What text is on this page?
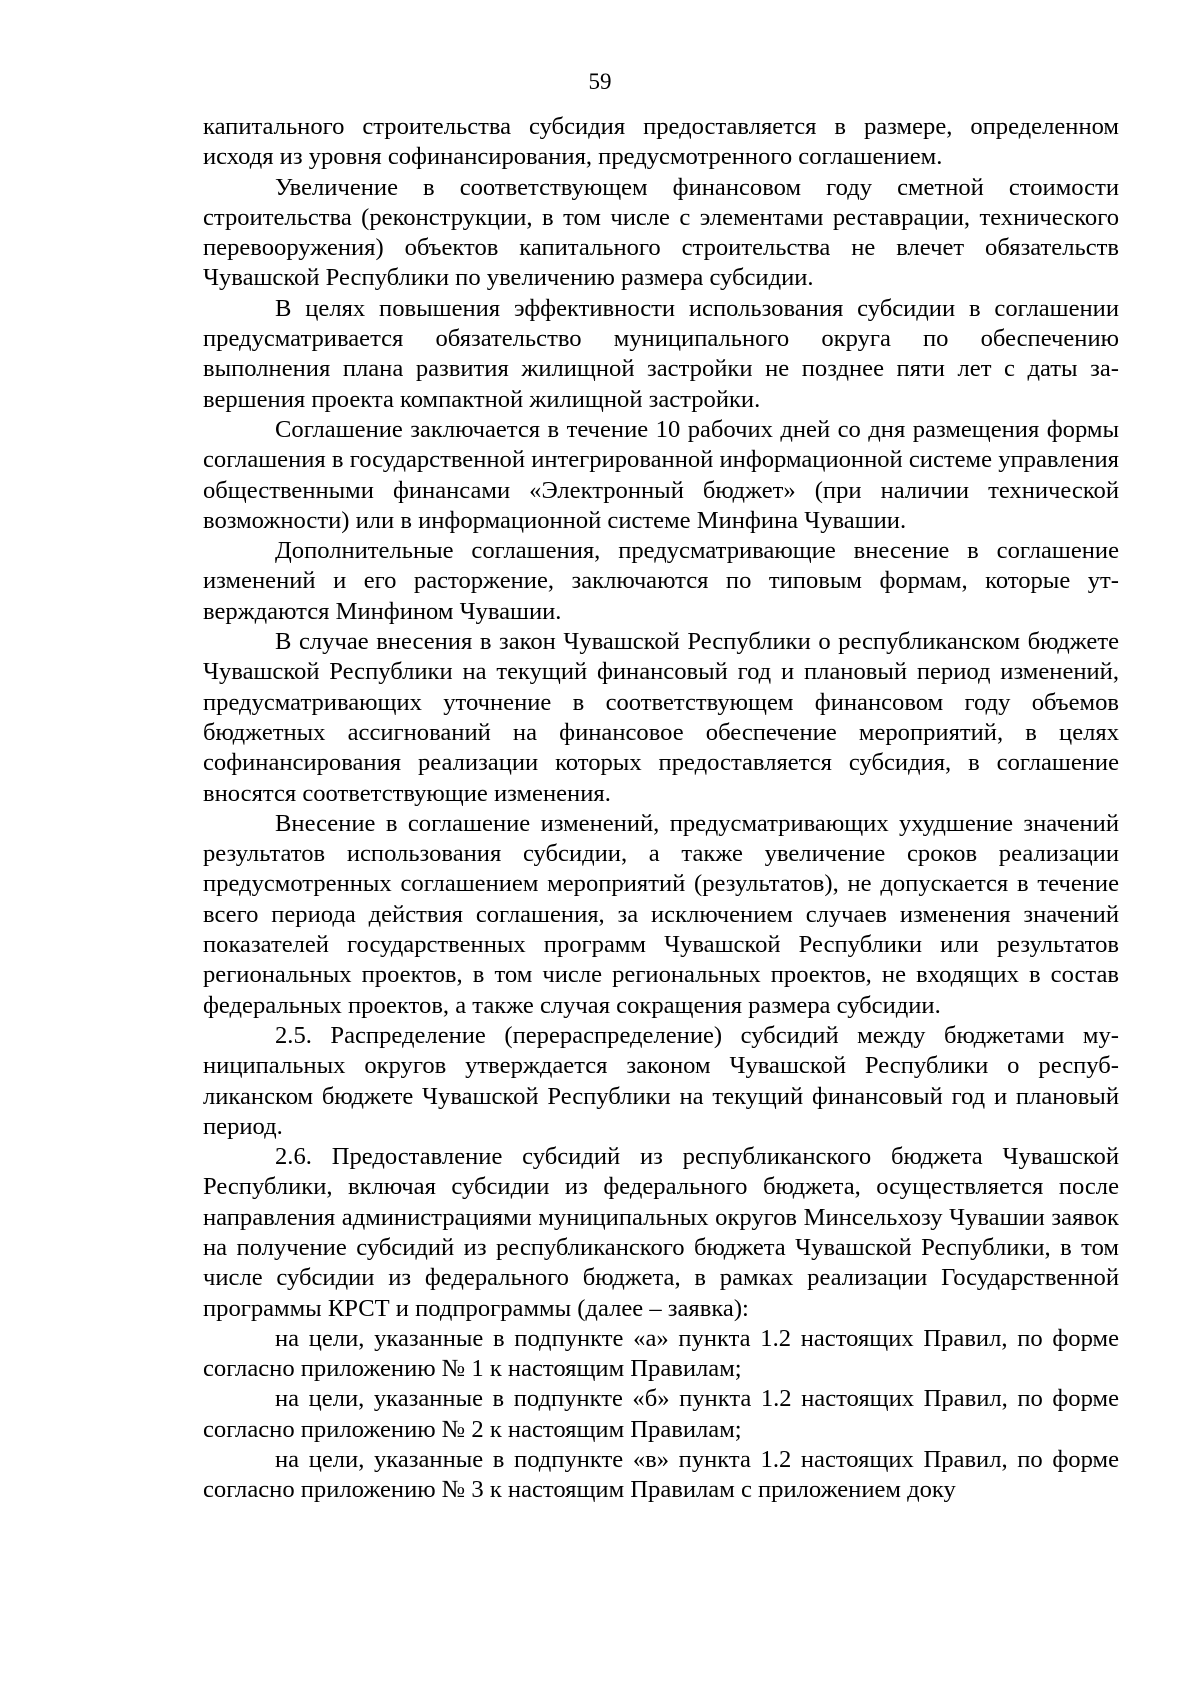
59

капитального строительства субсидия предоставляется в размере, определенном исходя из уровня софинансирования, предусмотренного соглашением.

Увеличение в соответствующем финансовом году сметной стоимости строительства (реконструкции, в том числе с элементами реставрации, технического перевооружения) объектов капитального строительства не влечет обязательств Чувашской Республики по увеличению размера субсидии.

В целях повышения эффективности использования субсидии в соглашении предусматривается обязательство муниципального округа по обеспечению выполнения плана развития жилищной застройки не позднее пяти лет с даты завершения проекта компактной жилищной застройки.

Соглашение заключается в течение 10 рабочих дней со дня размещения формы соглашения в государственной интегрированной информационной системе управления общественными финансами «Электронный бюджет» (при наличии технической возможности) или в информационной системе Минфина Чувашии.

Дополнительные соглашения, предусматривающие внесение в соглашение изменений и его расторжение, заключаются по типовым формам, которые утверждаются Минфином Чувашии.

В случае внесения в закон Чувашской Республики о республиканском бюджете Чувашской Республики на текущий финансовый год и плановый период изменений, предусматривающих уточнение в соответствующем финансовом году объемов бюджетных ассигнований на финансовое обеспечение мероприятий, в целях софинансирования реализации которых предоставляется субсидия, в соглашение вносятся соответствующие изменения.

Внесение в соглашение изменений, предусматривающих ухудшение значений результатов использования субсидии, а также увеличение сроков реализации предусмотренных соглашением мероприятий (результатов), не допускается в течение всего периода действия соглашения, за исключением случаев изменения значений показателей государственных программ Чувашской Республики или результатов региональных проектов, в том числе региональных проектов, не входящих в состав федеральных проектов, а также случая сокращения размера субсидии.

2.5. Распределение (перераспределение) субсидий между бюджетами муниципальных округов утверждается законом Чувашской Республики о республиканском бюджете Чувашской Республики на текущий финансовый год и плановый период.

2.6. Предоставление субсидий из республиканского бюджета Чувашской Республики, включая субсидии из федерального бюджета, осуществляется после направления администрациями муниципальных округов Минсельхозу Чувашии заявок на получение субсидий из республиканского бюджета Чувашской Республики, в том числе субсидии из федерального бюджета, в рамках реализации Государственной программы КРСТ и подпрограммы (далее – заявка):

на цели, указанные в подпункте «а» пункта 1.2 настоящих Правил, по форме согласно приложению № 1 к настоящим Правилам;

на цели, указанные в подпункте «б» пункта 1.2 настоящих Правил, по форме согласно приложению № 2 к настоящим Правилам;

на цели, указанные в подпункте «в» пункта 1.2 настоящих Правил, по форме согласно приложению № 3 к настоящим Правилам с приложением доку
